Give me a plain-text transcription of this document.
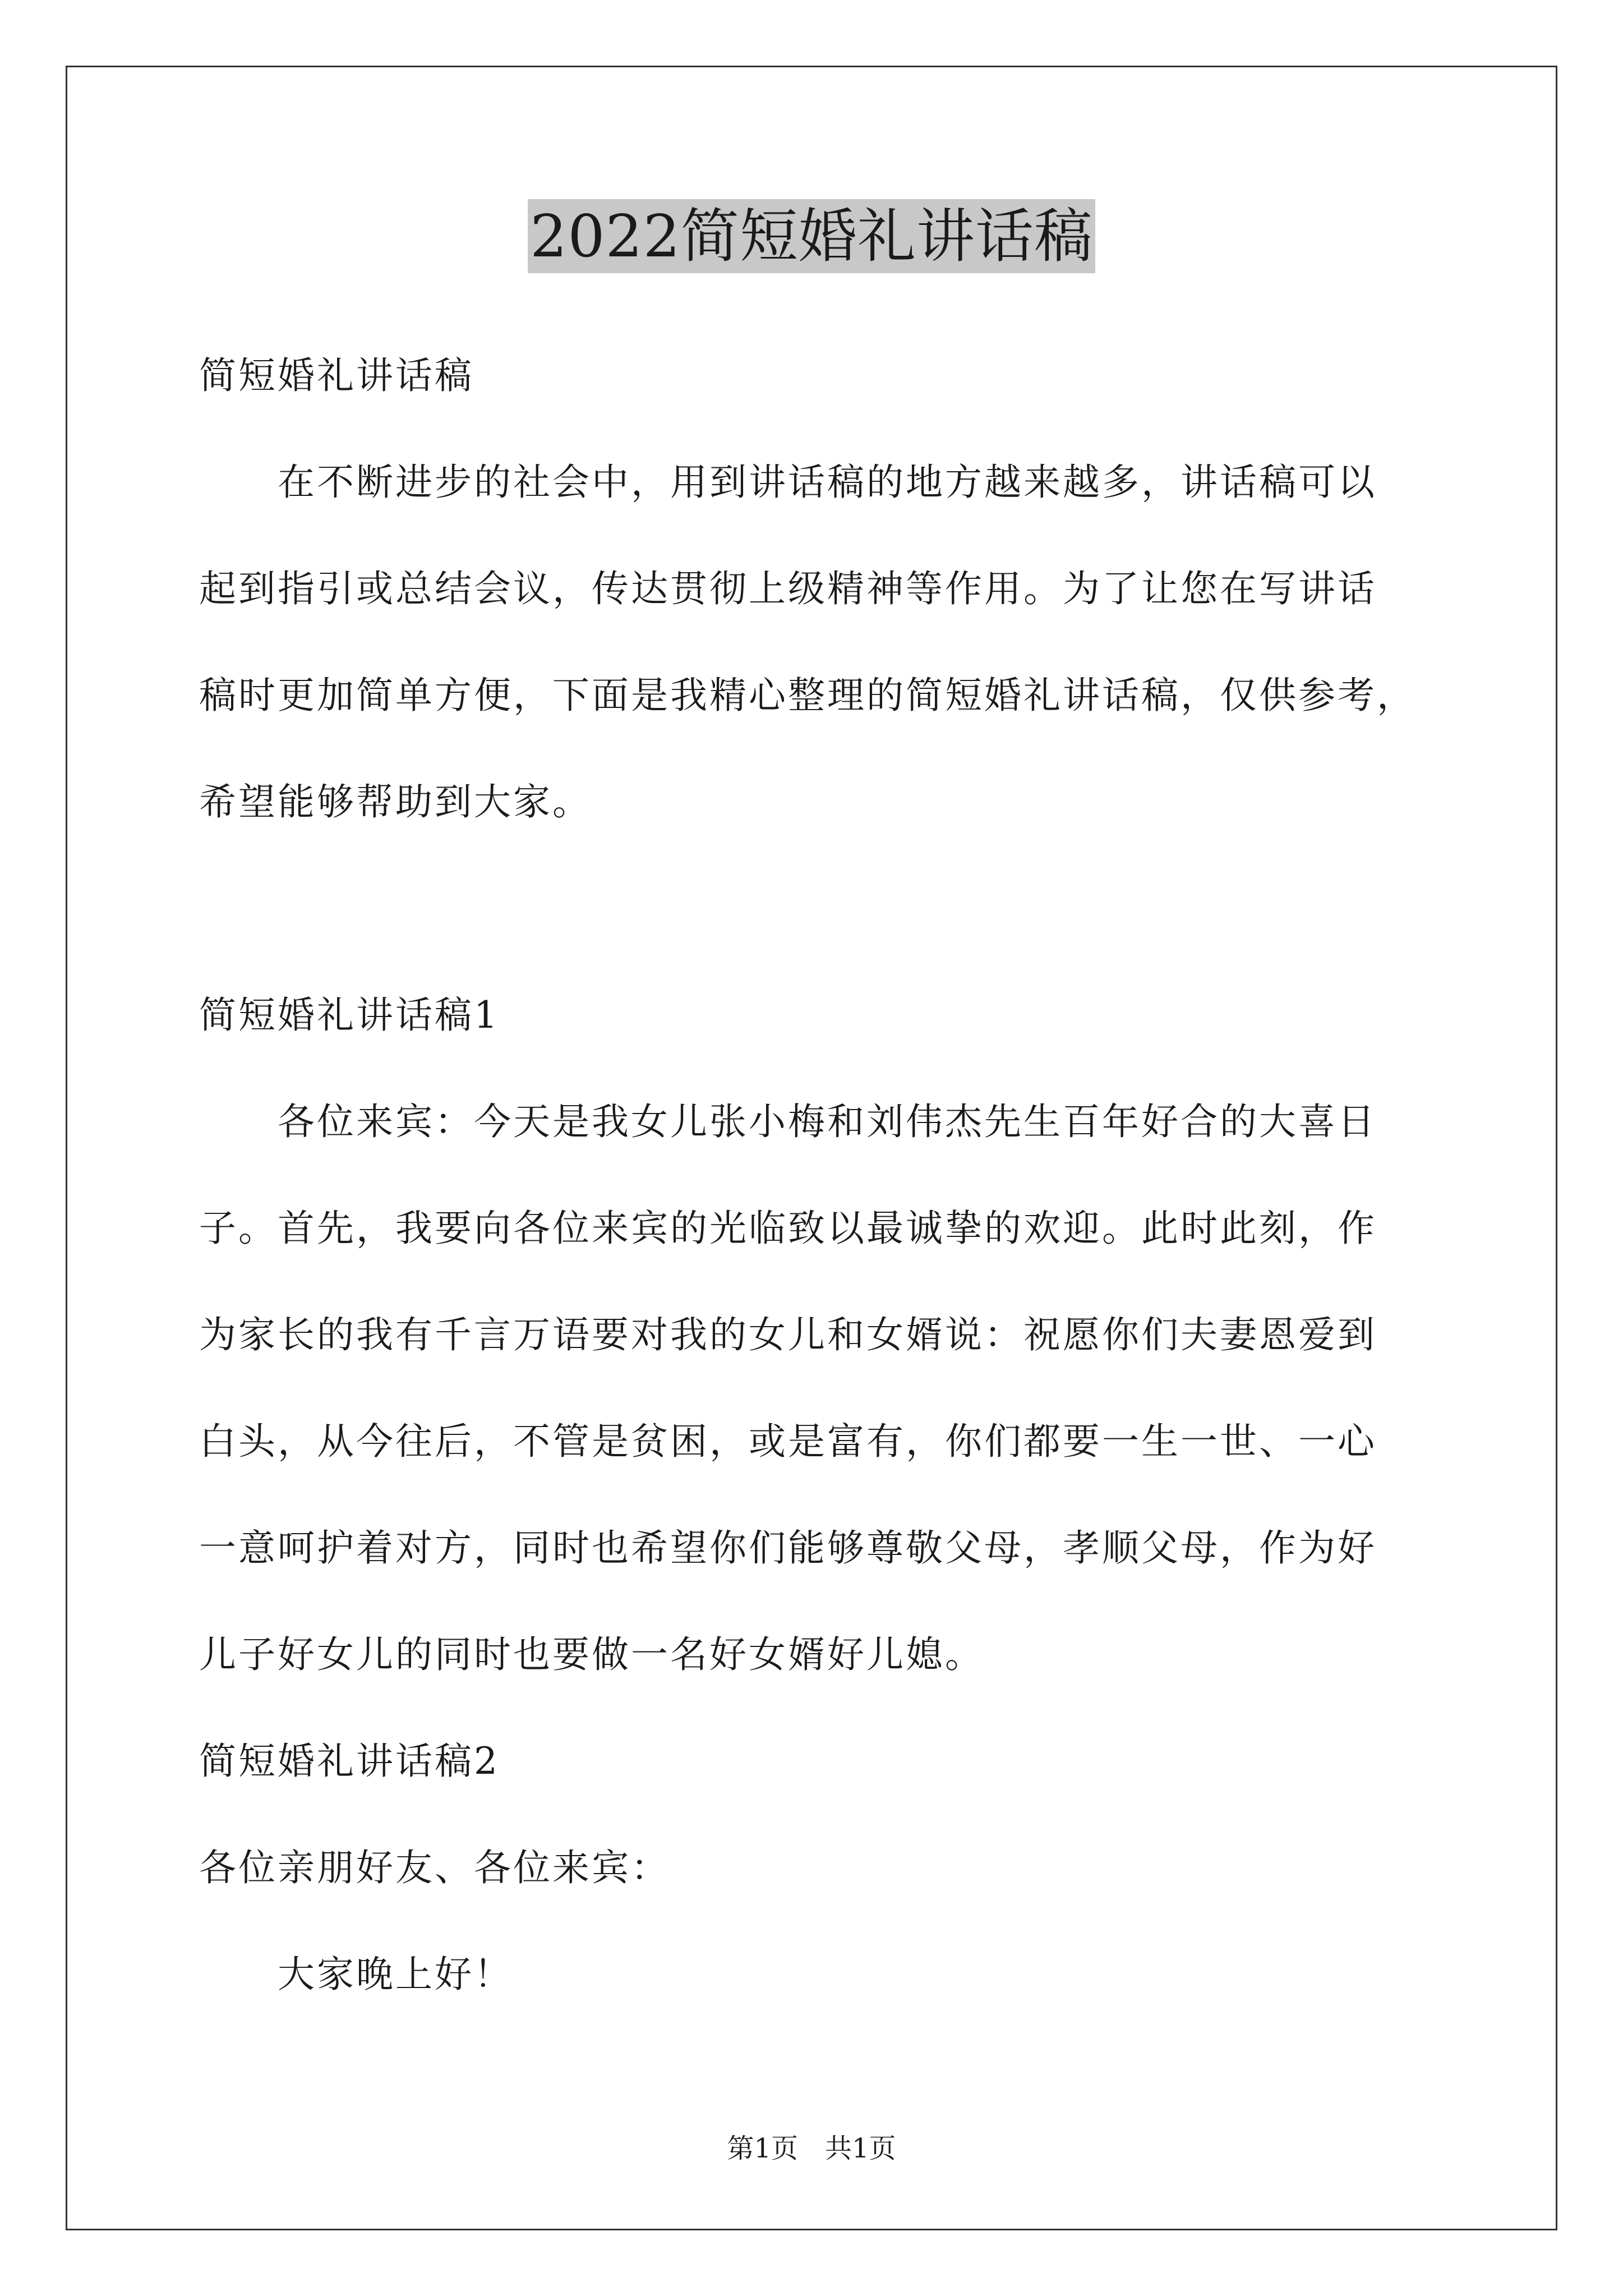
2022简短婚礼讲话稿
简短婚礼讲话稿
　　在不断进步的社会中，用到讲话稿的地方越来越多，讲话稿可以
起到指引或总结会议，传达贯彻上级精神等作用。为了让您在写讲话
稿时更加简单方便，下面是我精心整理的简短婚礼讲话稿，仅供参考，
希望能够帮助到大家。
简短婚礼讲话稿1
　　各位来宾：今天是我女儿张小梅和刘伟杰先生百年好合的大喜日
子。首先，我要向各位来宾的光临致以最诚挚的欢迎。此时此刻，作
为家长的我有千言万语要对我的女儿和女婿说：祝愿你们夫妻恩爱到
白头，从今往后，不管是贫困，或是富有，你们都要一生一世、一心
一意呵护着对方，同时也希望你们能够尊敬父母，孝顺父母，作为好
儿子好女儿的同时也要做一名好女婿好儿媳。
简短婚礼讲话稿2
各位亲朋好友、各位来宾：
　　大家晚上好！
第1页　共1页
